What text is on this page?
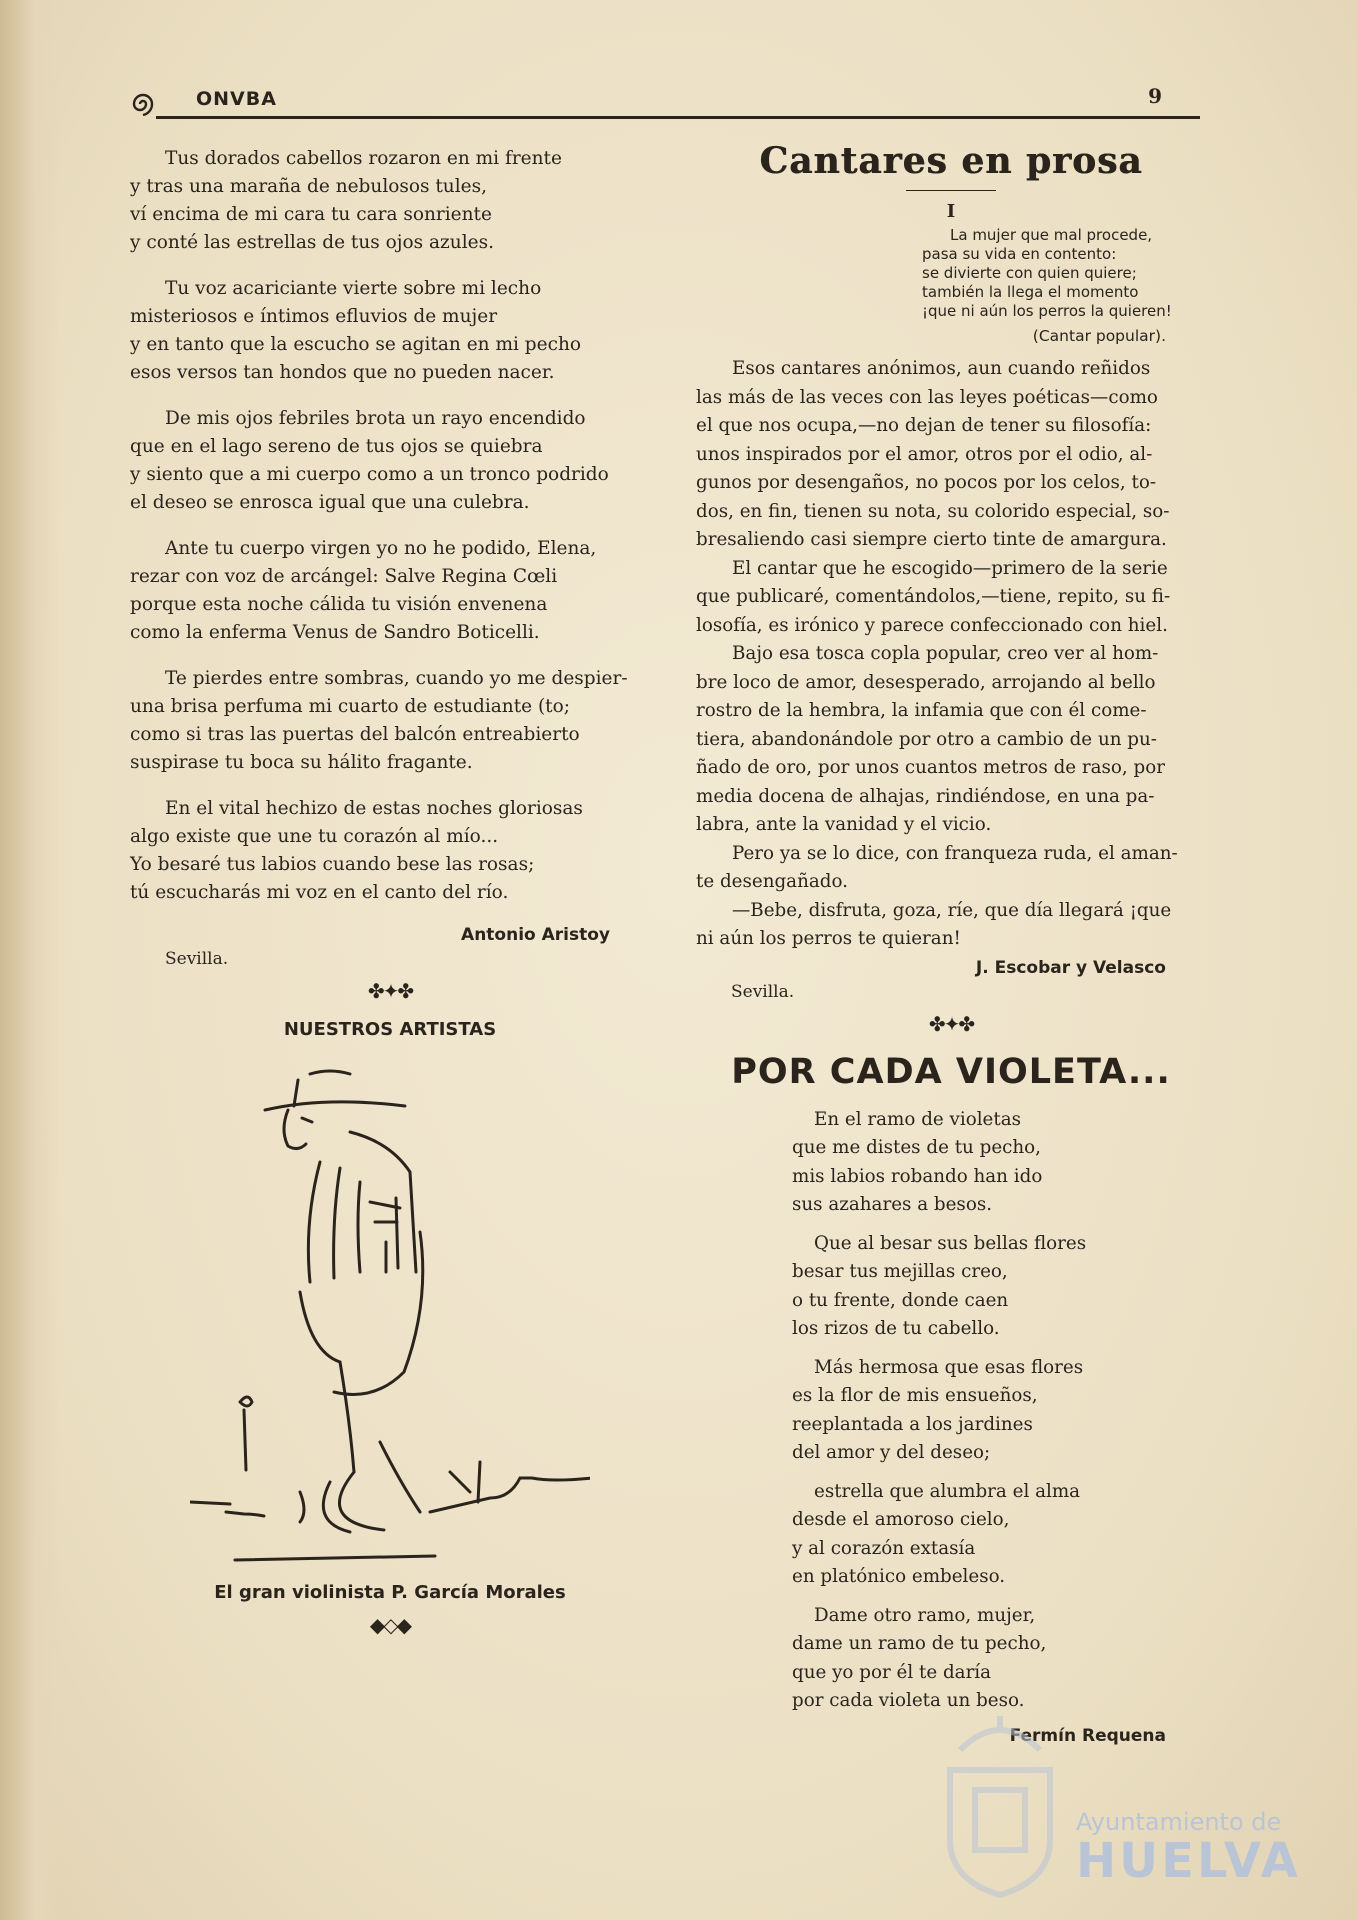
ONVBA	9
Tus dorados cabellos rozaron en mi frente
y tras una maraña de nebulosos tules,
ví encima de mi cara tu cara sonriente
y conté las estrellas de tus ojos azules.
Tu voz acariciante vierte sobre mi lecho
misteriosos e íntimos efluvios de mujer
y en tanto que la escucho se agitan en mi pecho
esos versos tan hondos que no pueden nacer.
De mis ojos febriles brota un rayo encendido
que en el lago sereno de tus ojos se quiebra
y siento que a mi cuerpo como a un tronco podrido
el deseo se enrosca igual que una culebra.
Ante tu cuerpo virgen yo no he podido, Elena,
rezar con voz de arcángel: Salve Regina Cœli
porque esta noche cálida tu visión envenena
como la enferma Venus de Sandro Boticelli.
Te pierdes entre sombras, cuando yo me despier-
una brisa perfuma mi cuarto de estudiante (to;
como si tras las puertas del balcón entreabierto
suspirase tu boca su hálito fragante.
En el vital hechizo de estas noches gloriosas
algo existe que une tu corazón al mío...
Yo besaré tus labios cuando bese las rosas;
tú escucharás mi voz en el canto del río.
Antonio Aristoy
Sevilla.
✤✦✤
NUESTROS ARTISTAS
El gran violinista P. García Morales
◆◇◆
Cantares en prosa
I
La mujer que mal procede,
pasa su vida en contento:
se divierte con quien quiere;
también la llega el momento
¡que ni aún los perros la quieren!
(Cantar popular).
Esos cantares anónimos, aun cuando reñidos
las más de las veces con las leyes poéticas—como
el que nos ocupa,—no dejan de tener su filosofía:
unos inspirados por el amor, otros por el odio, al-
gunos por desengaños, no pocos por los celos, to-
dos, en fin, tienen su nota, su colorido especial, so-
bresaliendo casi siempre cierto tinte de amargura.
El cantar que he escogido—primero de la serie
que publicaré, comentándolos,—tiene, repito, su fi-
losofía, es irónico y parece confeccionado con hiel.
Bajo esa tosca copla popular, creo ver al hom-
bre loco de amor, desesperado, arrojando al bello
rostro de la hembra, la infamia que con él come-
tiera, abandonándole por otro a cambio de un pu-
ñado de oro, por unos cuantos metros de raso, por
media docena de alhajas, rindiéndose, en una pa-
labra, ante la vanidad y el vicio.
Pero ya se lo dice, con franqueza ruda, el aman-
te desengañado.
—Bebe, disfruta, goza, ríe, que día llegará ¡que
ni aún los perros te quieran!
J. Escobar y Velasco
Sevilla.
✤✦✤
POR CADA VIOLETA...
En el ramo de violetas
que me distes de tu pecho,
mis labios robando han ido
sus azahares a besos.
Que al besar sus bellas flores
besar tus mejillas creo,
o tu frente, donde caen
los rizos de tu cabello.
Más hermosa que esas flores
es la flor de mis ensueños,
reeplantada a los jardines
del amor y del deseo;
estrella que alumbra el alma
desde el amoroso cielo,
y al corazón extasía
en platónico embeleso.
Dame otro ramo, mujer,
dame un ramo de tu pecho,
que yo por él te daría
por cada violeta un beso.
Fermín Requena
Ayuntamiento de
HUELVA
